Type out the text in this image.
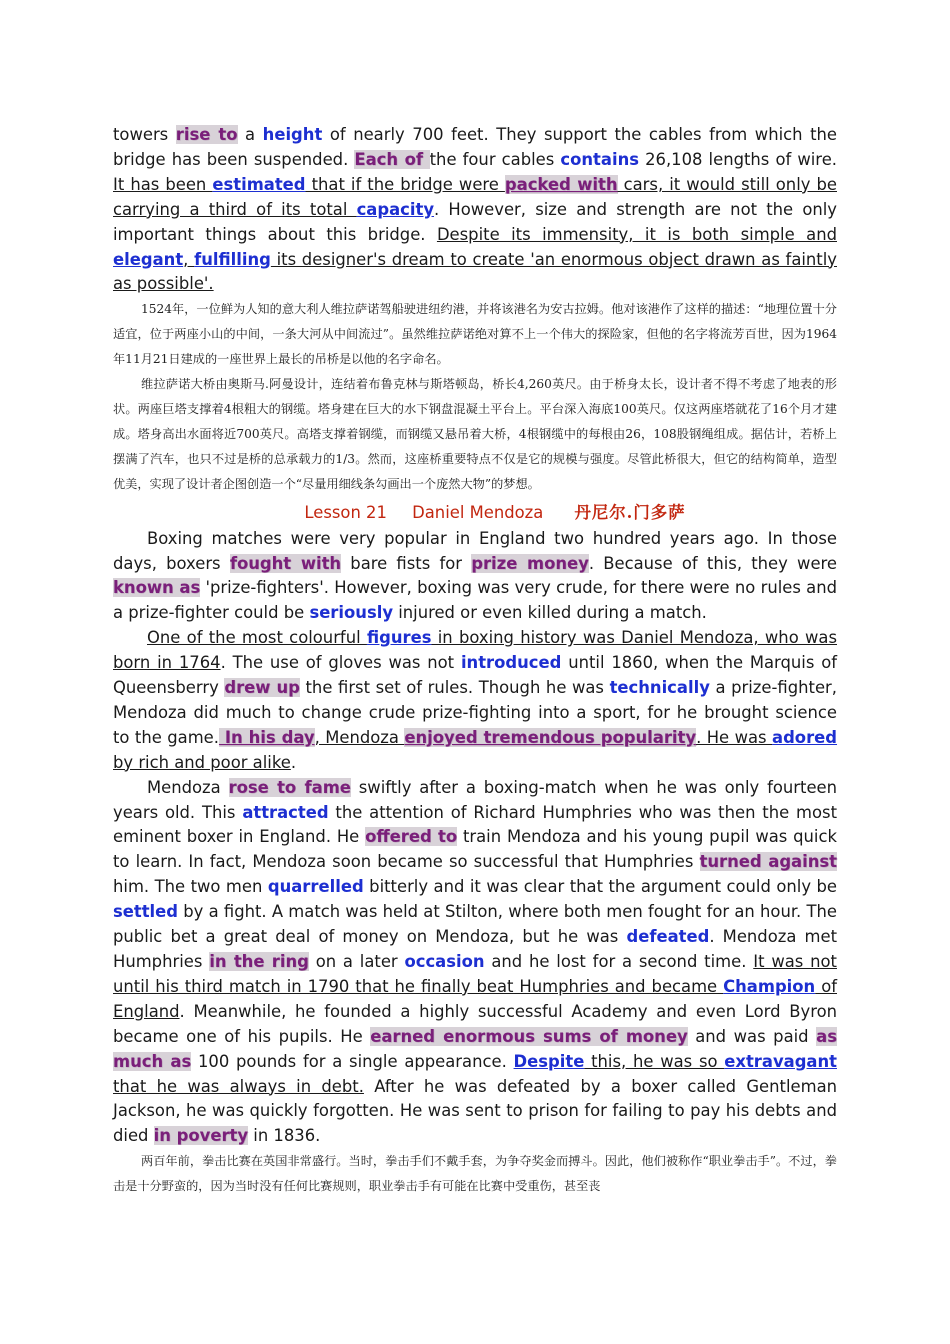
towers rise to a height of nearly 700 feet. They support the cables from which the bridge has been suspended. Each of the four cables contains 26,108 lengths of wire. It has been estimated that if the bridge were packed with cars, it would still only be carrying a third of its total capacity. However, size and strength are not the only important things about this bridge. Despite its immensity, it is both simple and elegant, fulfilling its designer's dream to create 'an enormous object drawn as faintly as possible'.

1524年，一位鲜为人知的意大利人维拉萨诺驾船驶进纽约港，并将该港名为安古拉姆。他对该港作了这样的描述：“地理位置十分适宜，位于两座小山的中间，一条大河从中间流过”。虽然维拉萨诺绝对算不上一个伟大的探险家，但他的名字将流芳百世，因为1964年11月21日建成的一座世界上最长的吊桥是以他的名字命名。

维拉萨诺大桥由奥斯马.阿曼设计，连结着布鲁克林与斯塔顿岛，桥长4,260英尺。由于桥身太长，设计者不得不考虑了地表的形状。两座巨塔支撑着4根粗大的钢缆。塔身建在巨大的水下钢盘混凝土平台上。平台深入海底100英尺。仅这两座塔就花了16个月才建成。塔身高出水面将近700英尺。高塔支撑着钢缆，而钢缆又悬吊着大桥，4根钢缆中的每根由26，108股钢绳组成。据估计，若桥上摆满了汽车，也只不过是桥的总承载力的1/3。然而，这座桥重要特点不仅是它的规模与强度。尽管此桥很大，但它的结构简单，造型优美，实现了设计者企图创造一个“尽量用细线条勾画出一个庞然大物”的梦想。

Lesson 21 Daniel Mendoza 丹尼尔.门多萨

Boxing matches were very popular in England two hundred years ago. In those days, boxers fought with bare fists for prize money. Because of this, they were known as 'prize-fighters'. However, boxing was very crude, for there were no rules and a prize-fighter could be seriously injured or even killed during a match.

One of the most colourful figures in boxing history was Daniel Mendoza, who was born in 1764. The use of gloves was not introduced until 1860, when the Marquis of Queensberry drew up the first set of rules. Though he was technically a prize-fighter, Mendoza did much to change crude prize-fighting into a sport, for he brought science to the game. In his day, Mendoza enjoyed tremendous popularity. He was adored by rich and poor alike.

Mendoza rose to fame swiftly after a boxing-match when he was only fourteen years old. This attracted the attention of Richard Humphries who was then the most eminent boxer in England. He offered to train Mendoza and his young pupil was quick to learn. In fact, Mendoza soon became so successful that Humphries turned against him. The two men quarrelled bitterly and it was clear that the argument could only be settled by a fight. A match was held at Stilton, where both men fought for an hour. The public bet a great deal of money on Mendoza, but he was defeated. Mendoza met Humphries in the ring on a later occasion and he lost for a second time. It was not until his third match in 1790 that he finally beat Humphries and became Champion of England. Meanwhile, he founded a highly successful Academy and even Lord Byron became one of his pupils. He earned enormous sums of money and was paid as much as 100 pounds for a single appearance. Despite this, he was so extravagant that he was always in debt. After he was defeated by a boxer called Gentleman Jackson, he was quickly forgotten. He was sent to prison for failing to pay his debts and died in poverty in 1836.

两百年前，拳击比赛在英国非常盛行。当时，拳击手们不戴手套，为争夺奖金而搏斗。因此，他们被称作“职业拳击手”。不过，拳击是十分野蛮的，因为当时没有任何比赛规则，职业拳击手有可能在比赛中受重伤，甚至丧
